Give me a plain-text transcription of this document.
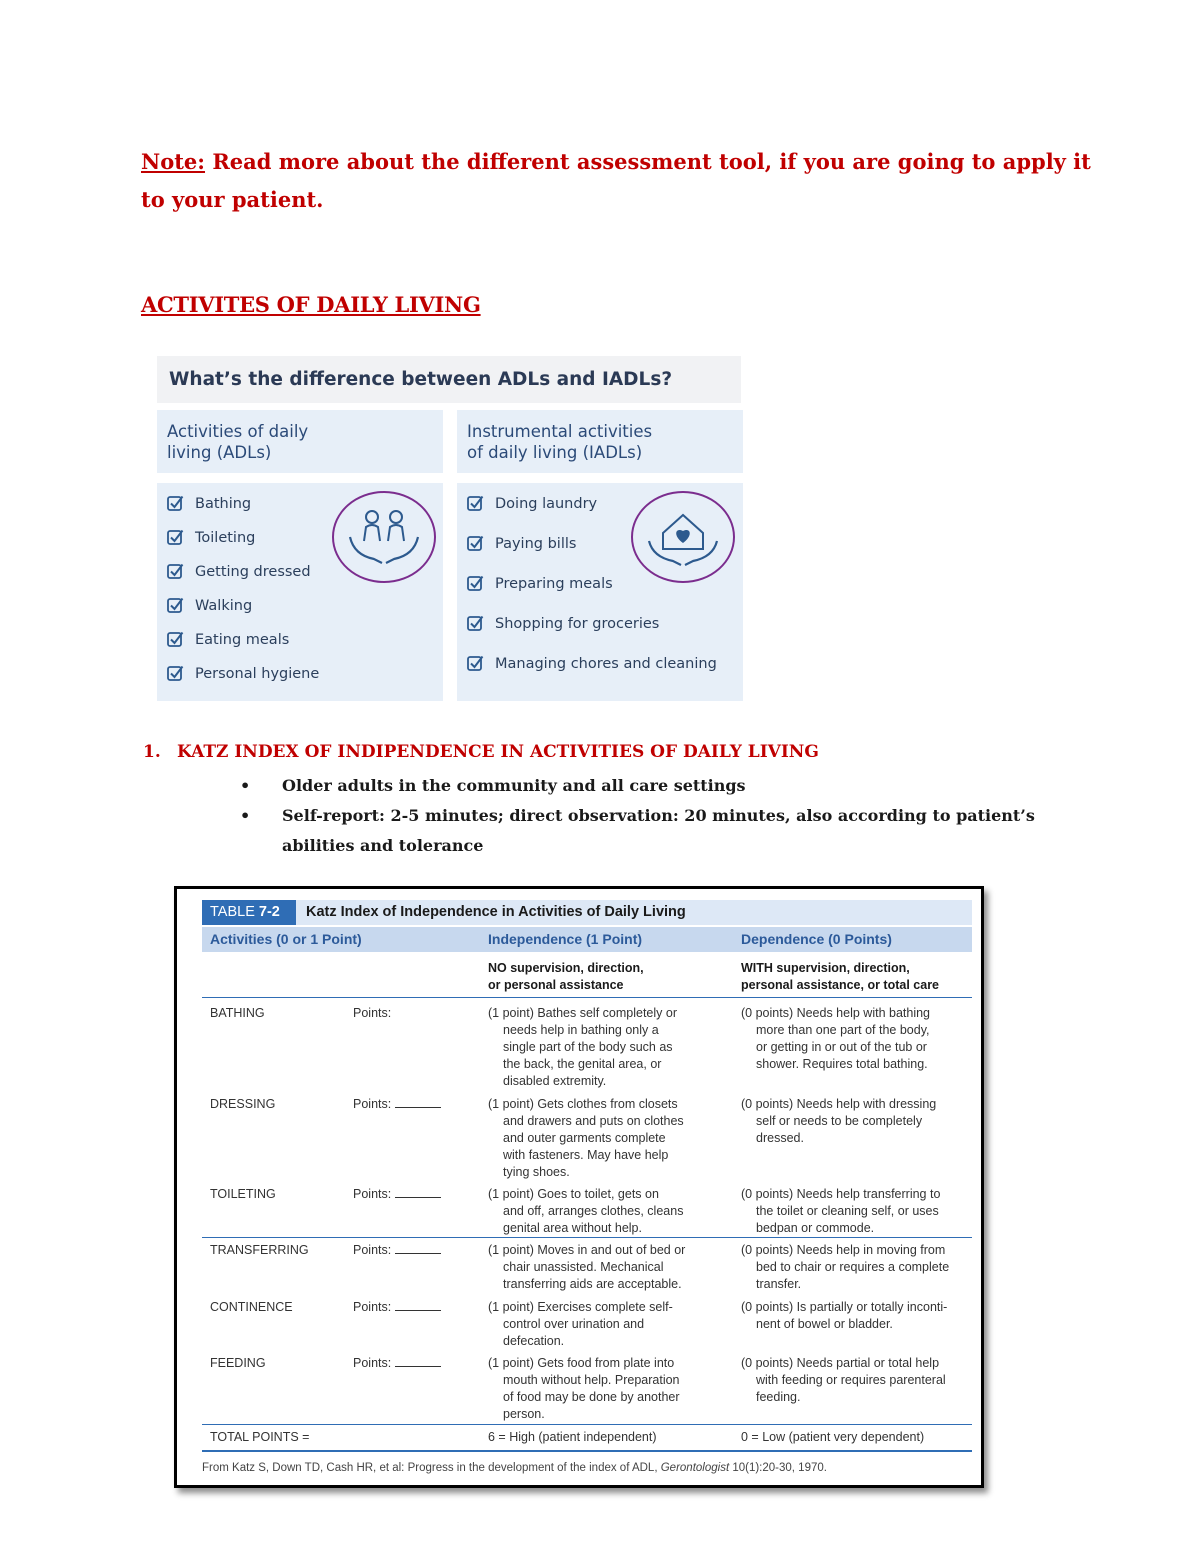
Note: Read more about the different assessment tool, if you are going to apply it to your patient.
ACTIVITES OF DAILY LIVING
What’s the difference between ADLs and IADLs?
Activities of daily
living (ADLs)
Instrumental activities
of daily living (IADLs)
Bathing
Toileting
Getting dressed
Walking
Eating meals
Personal hygiene
Doing laundry
Paying bills
Preparing meals
Shopping for groceries
Managing chores and cleaning
1. KATZ INDEX OF INDIPENDENCE IN ACTIVITIES OF DAILY LIVING
• Older adults in the community and all care settings
• Self-report: 2-5 minutes; direct observation: 20 minutes, also according to patient’s abilities and tolerance
TABLE 7-2	Katz Index of Independence in Activities of Daily Living
Activities (0 or 1 Point)	Independence (1 Point)	Dependence (0 Points)
NO supervision, direction,
or personal assistance
WITH supervision, direction,
personal assistance, or total care
BATHING	Points:	(1 point) Bathes self completely or
needs help in bathing only a
single part of the body such as
the back, the genital area, or
disabled extremity.
(0 points) Needs help with bathing
more than one part of the body,
or getting in or out of the tub or
shower. Requires total bathing.
DRESSING	Points:	(1 point) Gets clothes from closets
and drawers and puts on clothes
and outer garments complete
with fasteners. May have help
tying shoes.
(0 points) Needs help with dressing
self or needs to be completely
dressed.
TOILETING	Points:	(1 point) Goes to toilet, gets on
and off, arranges clothes, cleans
genital area without help.
(0 points) Needs help transferring to
the toilet or cleaning self, or uses
bedpan or commode.
TRANSFERRING	Points:	(1 point) Moves in and out of bed or
chair unassisted. Mechanical
transferring aids are acceptable.
(0 points) Needs help in moving from
bed to chair or requires a complete
transfer.
CONTINENCE	Points:	(1 point) Exercises complete self-
control over urination and
defecation.
(0 points) Is partially or totally inconti-
nent of bowel or bladder.
FEEDING	Points:	(1 point) Gets food from plate into
mouth without help. Preparation
of food may be done by another
person.
(0 points) Needs partial or total help
with feeding or requires parenteral
feeding.
TOTAL POINTS =	6 = High (patient independent)	0 = Low (patient very dependent)
From Katz S, Down TD, Cash HR, et al: Progress in the development of the index of ADL, Gerontologist 10(1):20-30, 1970.
